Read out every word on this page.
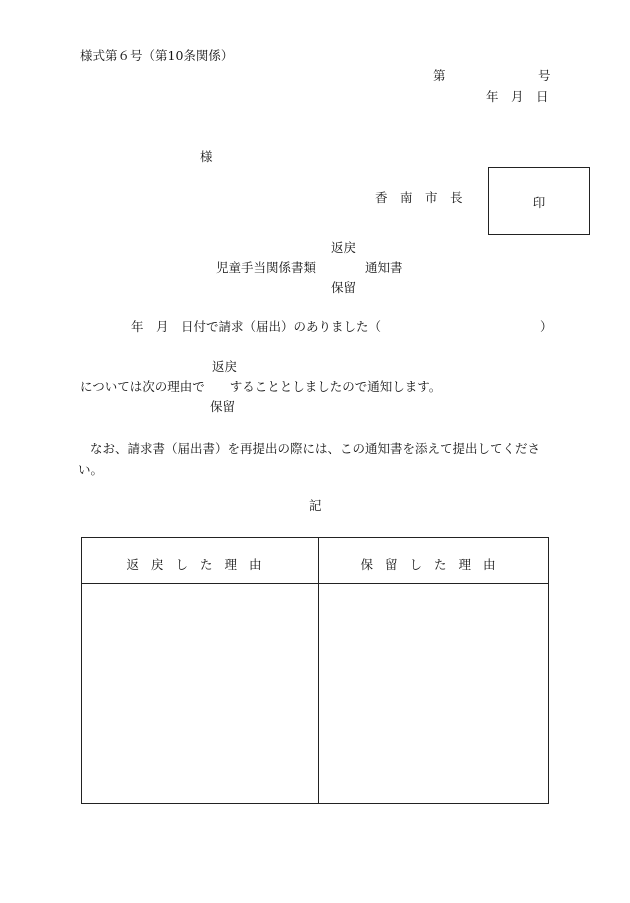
様式第６号（第10条関係）
第	号
年　月　日
様
香　南　市　長	印
返戻
児童手当関係書類	通知書
保留
年　月　日付で請求（届出）のありました（	）
返戻
については次の理由で　　することとしましたので通知します。
保留
なお、請求書（届出書）を再提出の際には、この通知書を添えて提出してください。
記
返戻した理由	保留した理由
